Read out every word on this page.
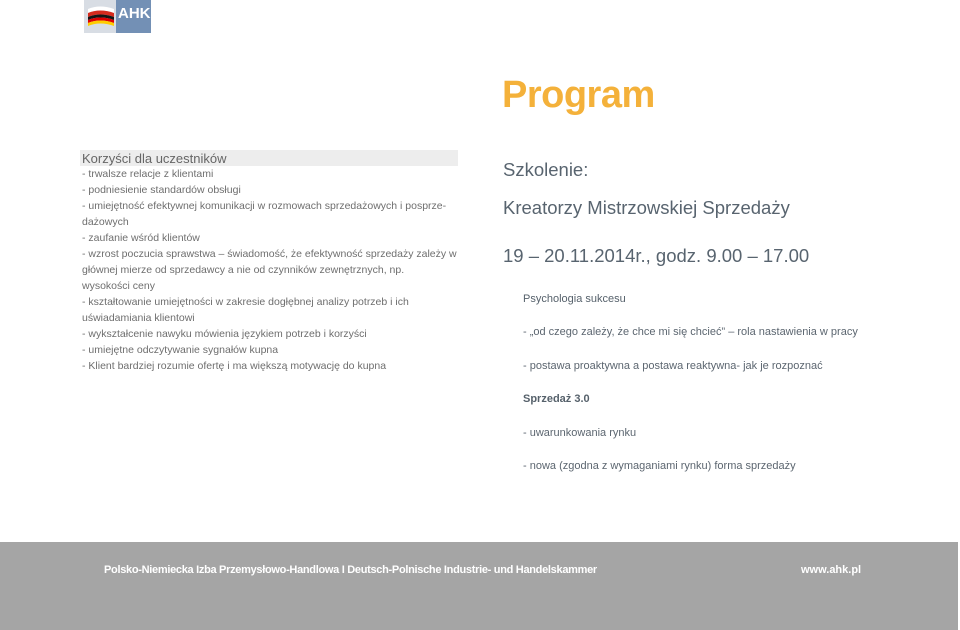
AHK
Program
Korzyści dla uczestników
- trwalsze relacje z klientami
- podniesienie standardów obsługi
- umiejętność efektywnej komunikacji w rozmowach sprzedażowych i posprze-
dażowych
- zaufanie wśród klientów
- wzrost poczucia sprawstwa – świadomość, że efektywność sprzedaży zależy w
głównej mierze od sprzedawcy a nie od czynników zewnętrznych, np.
wysokości ceny
- kształtowanie umiejętności w zakresie dogłębnej analizy potrzeb i ich
uświadamiania klientowi
- wykształcenie nawyku mówienia językiem potrzeb i korzyści
- umiejętne odczytywanie sygnałów kupna
- Klient bardziej rozumie ofertę i ma większą motywację do kupna
Szkolenie:
Kreatorzy Mistrzowskiej Sprzedaży
19 – 20.11.2014r., godz. 9.00 – 17.00
Psychologia sukcesu
- „od czego zależy, że chce mi się chcieć” – rola nastawienia w pracy
- postawa proaktywna a postawa reaktywna- jak je rozpoznać
Sprzedaż 3.0
- uwarunkowania rynku
- nowa (zgodna z wymaganiami rynku) forma sprzedaży
Polsko-Niemiecka Izba Przemysłowo-Handlowa I Deutsch-Polnische Industrie- und Handelskammer	www.ahk.pl
